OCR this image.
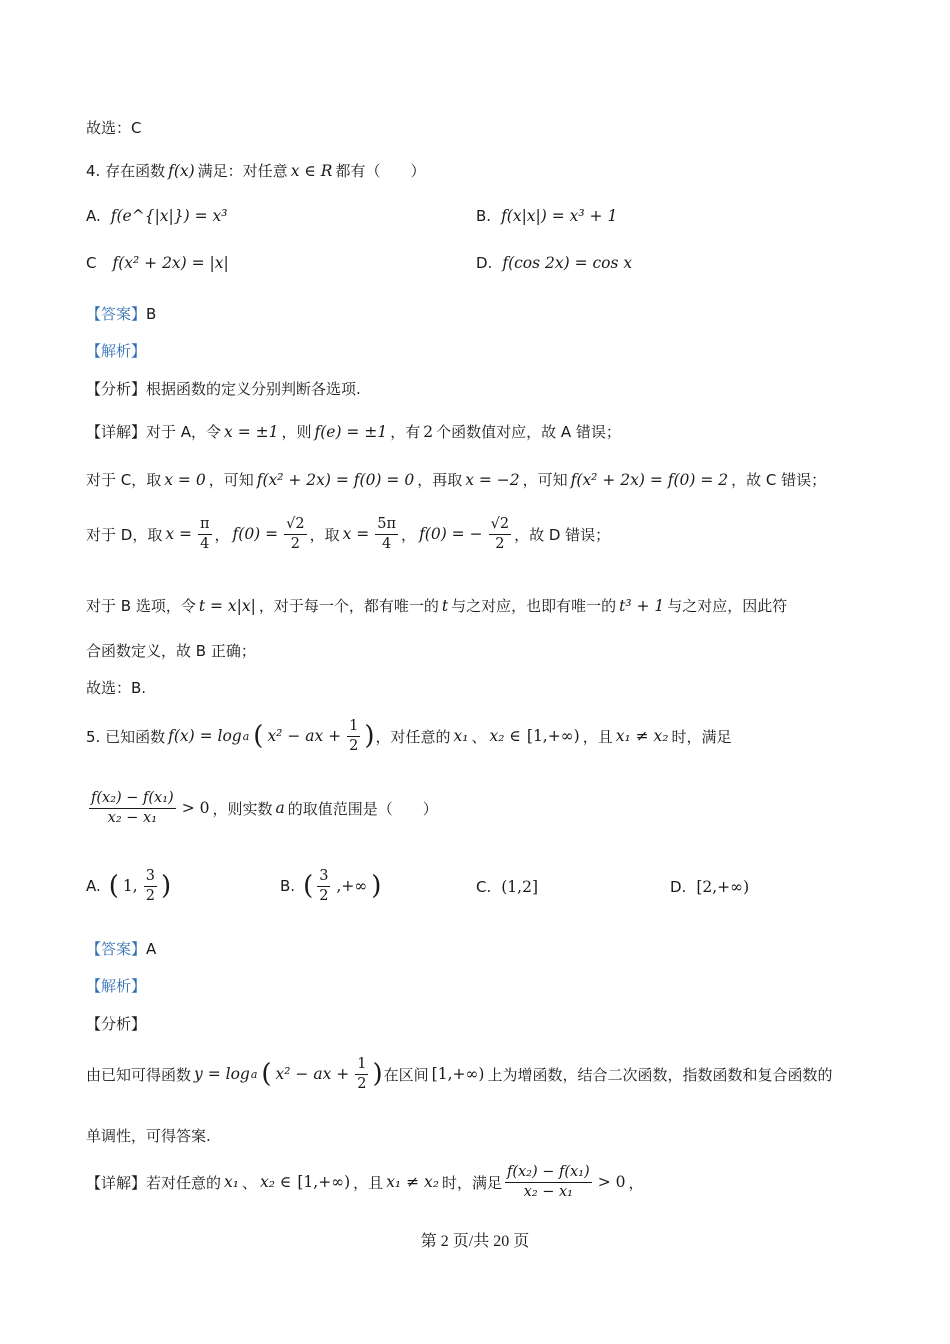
故选：C
4. 存在函数 f(x) 满足：对任意 x ∈ R 都有（　　）
A. f(e^{|x|}) = x³	B. f(x|x|) = x³ + 1
C f(x² + 2x) = |x|	D. f(cos 2x) = cos x
【答案】 B
【解析】
【分析】 根据函数的定义分别判断各选项.
【详解】 对于 A，令 x = ±1 ，则 f(e) = ±1 ，有 2 个函数值对应，故 A 错误；
对于 C，取 x = 0 ，可知 f(x² + 2x) = f(0) = 0 ，再取 x = −2 ，可知 f(x² + 2x) = f(0) = 2 ，故 C 错误；
对于 D，取 $x = \frac{\pi}{4}$ ， $f(0) = \frac{√2}{2}$ ，取 $x = \frac{5\pi}{4}$ ， f(0) = − $\frac{√2}{2}$ ，故 D 错误；
对于 B 选项，令 t = x|x| ，对于每一个 ，都有唯一的 t 与之对应，也即有唯一的 t³ + 1 与之对应，因此符
合函数定义，故 B 正确；
故选：B.
5. 已知函数 f(x) = log a ( x² − ax + $\frac{1}{2}$ ) ，对任意的 x₁ 、 x₂ ∈ [1,+∞) ，且 x₁ ≠ x₂ 时，满足
$\frac{\text{f(x₂) − f(x₁)}}{\text{x₂ − x₁}} > 0$ ，则实数 a 的取值范围是（　　）
A. ( 1, $\frac{3}{2}$ )	B. ( $\frac{3}{2}$ ,+∞ )	C. (1,2]	D. [2,+∞)
【答案】 A
【解析】
【分析】
由已知可得函数 y = log a ( x² − ax + $\frac{1}{2}$ ) 在区间 [1,+∞) 上为增函数，结合二次函数，指数函数和复合函数的
单调性，可得答案.
【详解】 若对任意的 x₁ 、 x₂ ∈ [1,+∞) ，且 x₁ ≠ x₂ 时，满足 $\frac{\text{f(x₂) − f(x₁)}}{\text{x₂ − x₁}} > 0$ ，
第 2 页/共 20 页
